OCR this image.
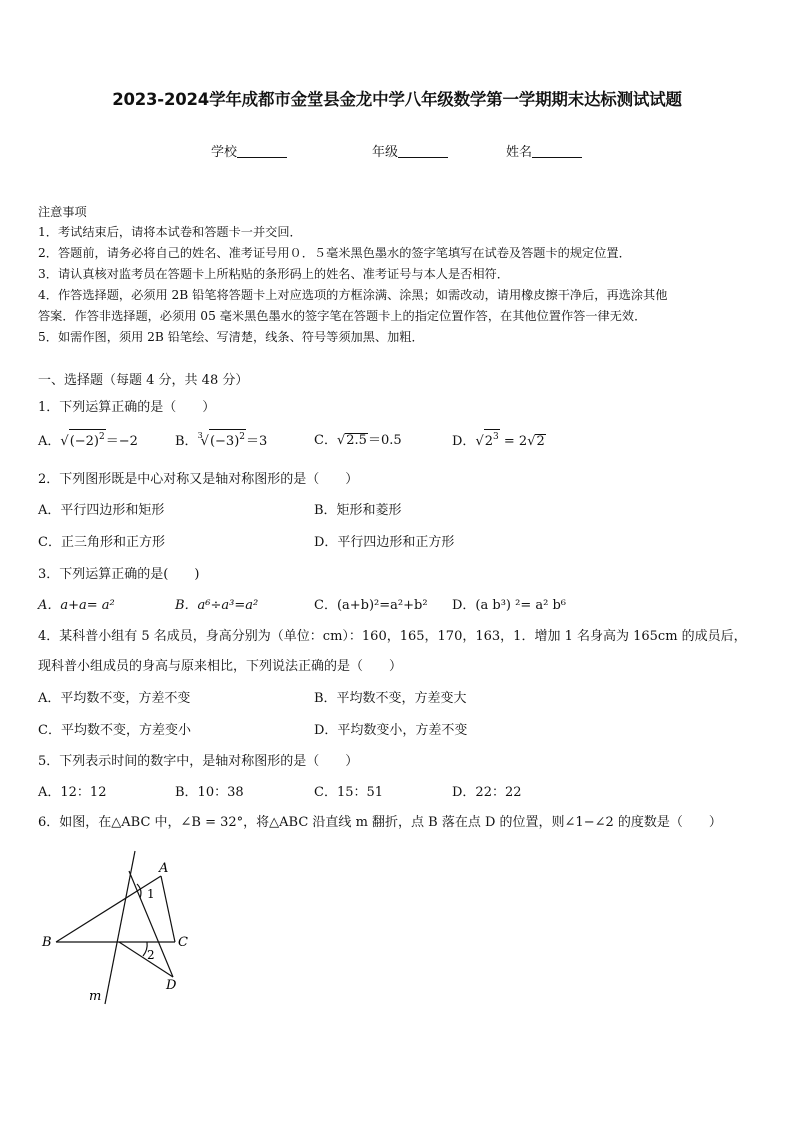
2023-2024学年成都市金堂县金龙中学八年级数学第一学期期末达标测试试题
学校	年级	姓名
注意事项
1．考试结束后，请将本试卷和答题卡一并交回．
2．答题前，请务必将自己的姓名、准考证号用０．５毫米黑色墨水的签字笔填写在试卷及答题卡的规定位置．
3．请认真核对监考员在答题卡上所粘贴的条形码上的姓名、准考证号与本人是否相符．
4．作答选择题，必须用 2B 铅笔将答题卡上对应选项的方框涂满、涂黑；如需改动，请用橡皮擦干净后，再选涂其他
答案．作答非选择题，必须用 05 毫米黑色墨水的签字笔在答题卡上的指定位置作答，在其他位置作答一律无效．
5．如需作图，须用 2B 铅笔绘、写清楚，线条、符号等须加黑、加粗．
一、选择题（每题 4 分，共 48 分）
1．下列运算正确的是（　　）
A．$√(-2)^2=-2$	B．$^3√(-3)^2=3$	C．√2.5＝0.5	D．$√2^3 = 2√2$
2．下列图形既是中心对称又是轴对称图形的是（　　）
A．平行四边形和矩形	B．矩形和菱形
C．正三角形和正方形	D．平行四边形和正方形
3．下列运算正确的是(　　)
A．a+a= a²	B．a⁶÷a³=a²	C．(a+b)²=a²+b² D．(a b³) ²= a² b⁶
4．某科普小组有 5 名成员，身高分别为（单位：cm）：160，165，170，163，1．增加 1 名身高为 165cm 的成员后，
现科普小组成员的身高与原来相比，下列说法正确的是（　　）
A．平均数不变，方差不变	B．平均数不变，方差变大
C．平均数不变，方差变小	D．平均数变小，方差不变
5．下列表示时间的数字中，是轴对称图形的是（　　）
A．12：12	B．10：38	C．15：51	D．22：22
6．如图，在△ABC 中，∠B = 32°，将△ABC 沿直线 m 翻折，点 B 落在点 D 的位置，则∠1−∠2 的度数是（　　）
A
B	C
D
m
1
2
